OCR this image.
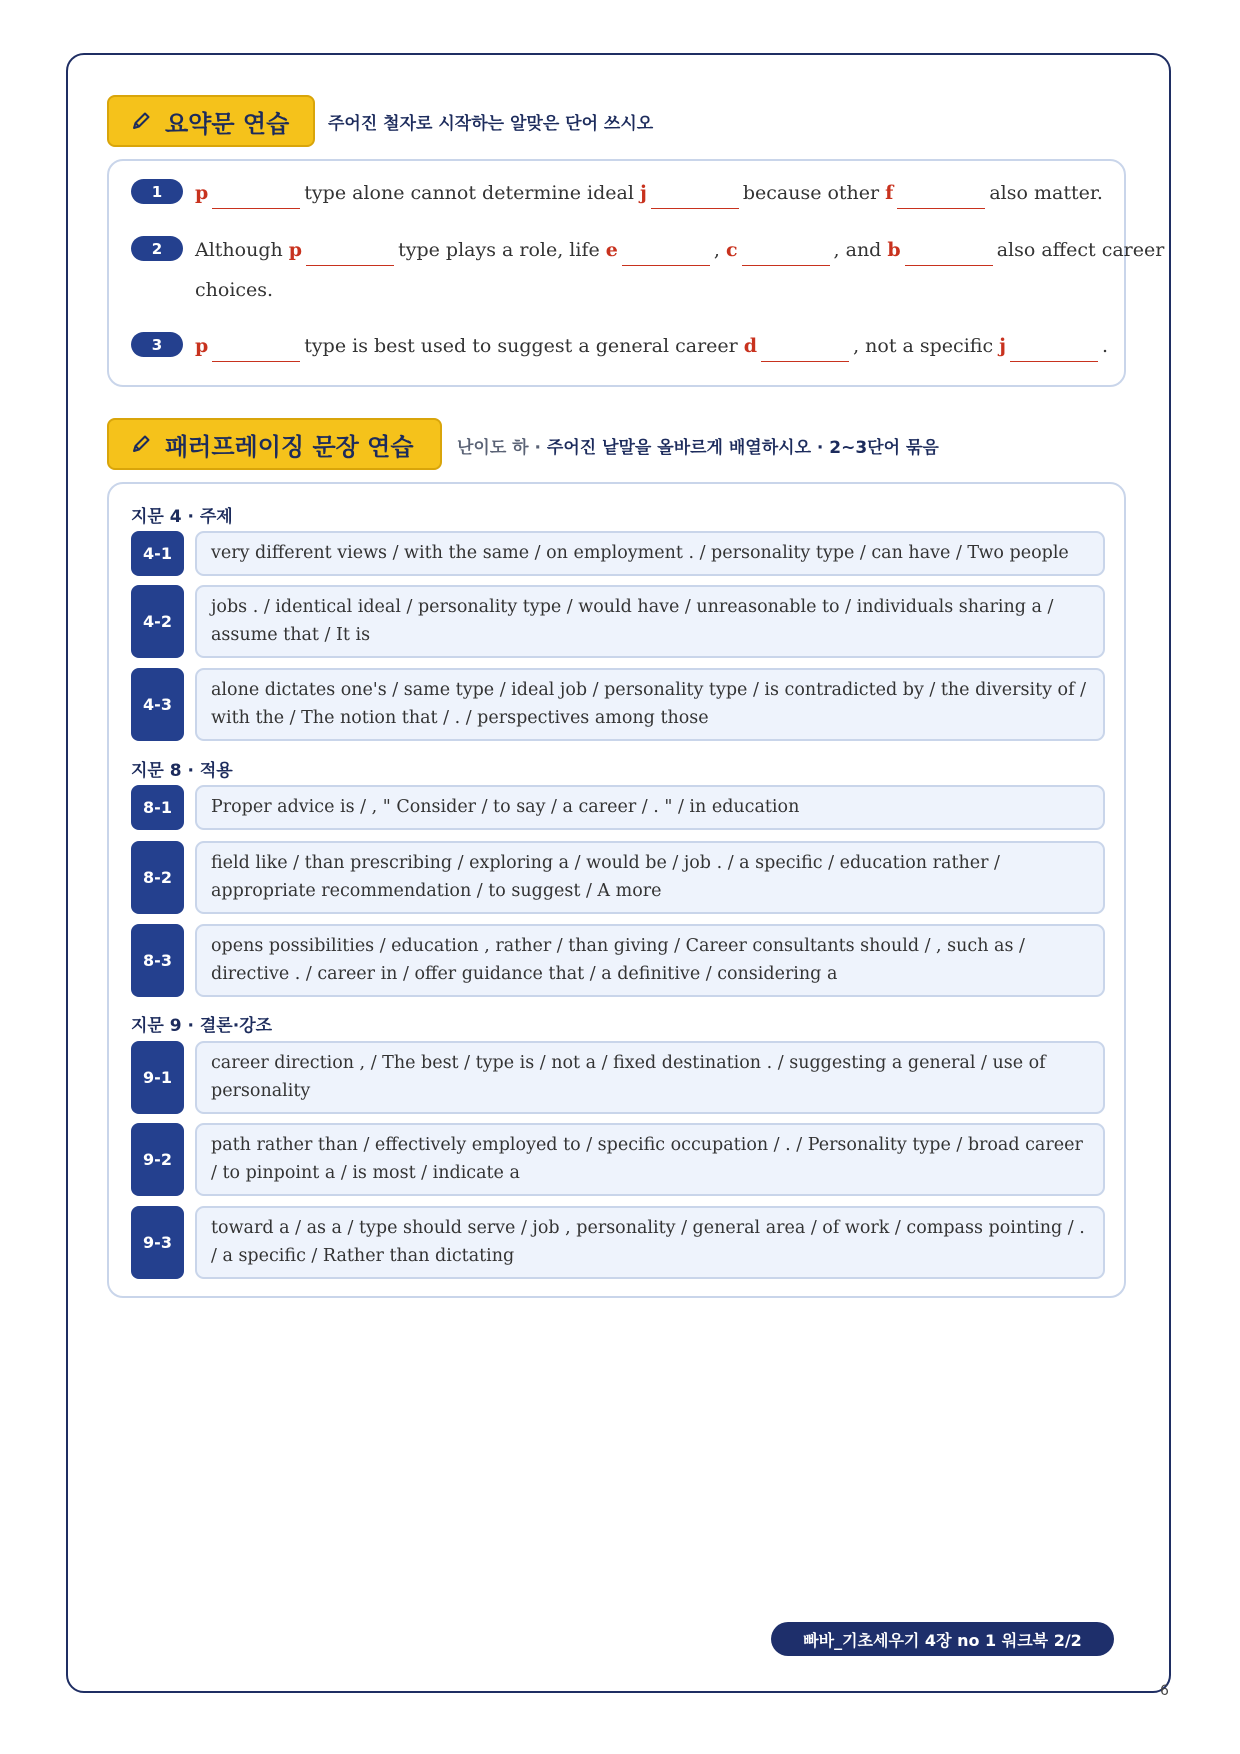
요약문 연습 주어진 철자로 시작하는 알맞은 단어 쓰시오
1	p	type alone cannot determine ideal j	because other f	also matter.
2	Although p	type plays a role, life e	, c	, and b	also affect career
choices.
3	p	type is best used to suggest a general career d	, not a specific j	.
패러프레이징 문장 연습	난이도 하 · 주어진 낱말을 올바르게 배열하시오 · 2~3단어 묶음
지문 4 · 주제
4-1	very different views / with the same / on employment . / personality type / can have / Two people
4-2
jobs . / identical ideal / personality type / would have / unreasonable to / individuals sharing a / assume that / It is
4-3
alone dictates one's / same type / ideal job / personality type / is contradicted by / the diversity of / with the / The notion that / . / perspectives among those
지문 8 · 적용
8-1	Proper advice is / , " Consider / to say / a career / . " / in education
8-2
field like / than prescribing / exploring a / would be / job . / a specific / education rather / appropriate recommendation / to suggest / A more
8-3
opens possibilities / education , rather / than giving / Career consultants should / , such as / directive . / career in / offer guidance that / a definitive / considering a
지문 9 · 결론·강조
9-1
career direction , / The best / type is / not a / fixed destination . / suggesting a general / use of personality
9-2
path rather than / effectively employed to / specific occupation / . / Personality type / broad career / to pinpoint a / is most / indicate a
9-3
toward a / as a / type should serve / job , personality / general area / of work / compass pointing / . / a specific / Rather than dictating
빠바_기초세우기 4장 no 1 워크북 2/2
6
